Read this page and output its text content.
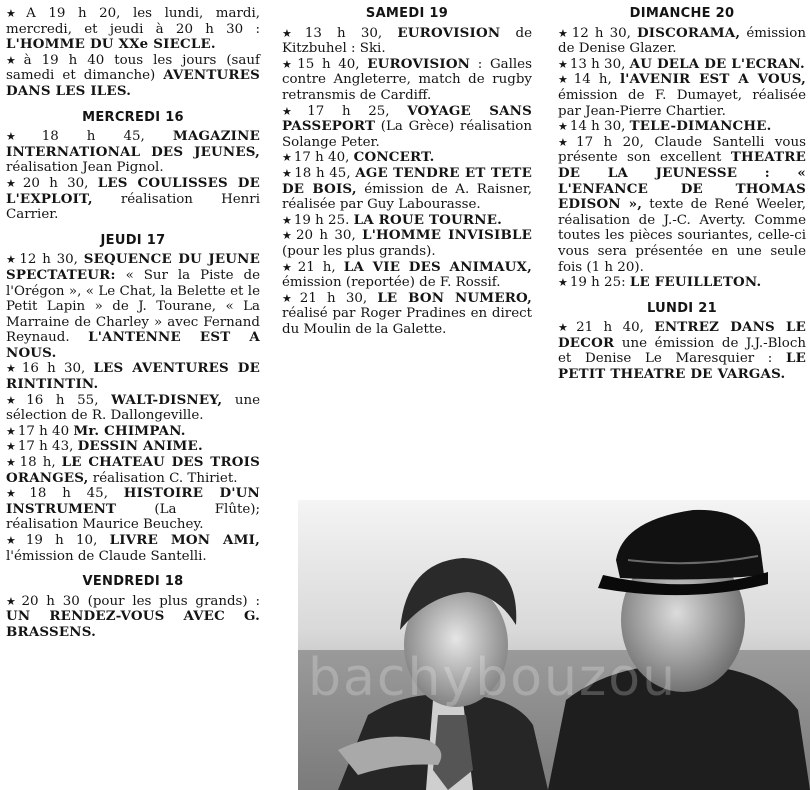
★ A 19 h 20, les lundi, mardi, mercredi, et jeudi à 20 h 30 : L'HOMME DU XXe SIECLE.

★ à 19 h 40 tous les jours (sauf samedi et dimanche) AVENTURES DANS LES ILES.

MERCREDI 16

★ 18 h 45, MAGAZINE INTERNATIONAL DES JEUNES, réalisation Jean Pignol.

★ 20 h 30, LES COULISSES DE L'EXPLOIT, réalisation Henri Carrier.

JEUDI 17

★ 12 h 30, SEQUENCE DU JEUNE SPECTATEUR: « Sur la Piste de l'Orégon », « Le Chat, la Belette et le Petit Lapin » de J. Tourane, « La Marraine de Charley » avec Fernand Reynaud. L'ANTENNE EST A NOUS.

★ 16 h 30, LES AVENTURES DE RINTINTIN.

★ 16 h 55, WALT-DISNEY, une sélection de R. Dallongeville.

★ 17 h 40 Mr. CHIMPAN.

★ 17 h 43, DESSIN ANIME.

★ 18 h, LE CHATEAU DES TROIS ORANGES, réalisation C. Thiriet.

★ 18 h 45, HISTOIRE D'UN INSTRUMENT (La Flûte); réalisation Maurice Beuchey.

★ 19 h 10, LIVRE MON AMI, l'émission de Claude Santelli.

VENDREDI 18

★ 20 h 30 (pour les plus grands) : UN RENDEZ-VOUS AVEC G. BRASSENS.

SAMEDI 19

★ 13 h 30, EUROVISION de Kitzbuhel : Ski.

★ 15 h 40, EUROVISION : Galles contre Angleterre, match de rugby retransmis de Cardiff.

★ 17 h 25, VOYAGE SANS PASSEPORT (La Grèce) réalisation Solange Peter.

★ 17 h 40, CONCERT.

★ 18 h 45, AGE TENDRE ET TETE DE BOIS, émission de A. Raisner, réalisée par Guy Labourasse.

★ 19 h 25. LA ROUE TOURNE.

★ 20 h 30, L'HOMME INVISIBLE (pour les plus grands).

★ 21 h, LA VIE DES ANIMAUX, émission (reportée) de F. Rossif.

★ 21 h 30, LE BON NUMERO, réalisé par Roger Pradines en direct du Moulin de la Galette.

DIMANCHE 20

★ 12 h 30, DISCORAMA, émission de Denise Glazer.

★ 13 h 30, AU DELA DE L'ECRAN.

★ 14 h, l'AVENIR EST A VOUS, émission de F. Dumayet, réalisée par Jean-Pierre Chartier.

★ 14 h 30, TELE-DIMANCHE.

★ 17 h 20, Claude Santelli vous présente son excellent THEATRE DE LA JEUNESSE : « L'ENFANCE DE THOMAS EDISON », texte de René Weeler, réalisation de J.-C. Averty. Comme toutes les pièces souriantes, celle-ci vous sera présentée en une seule fois (1 h 20).

★ 19 h 25: LE FEUILLETON.

LUNDI 21

★ 21 h 40, ENTREZ DANS LE DECOR une émission de J.J.-Bloch et Denise Le Maresquier : LE PETIT THEATRE DE VARGAS.

bachybouzou
